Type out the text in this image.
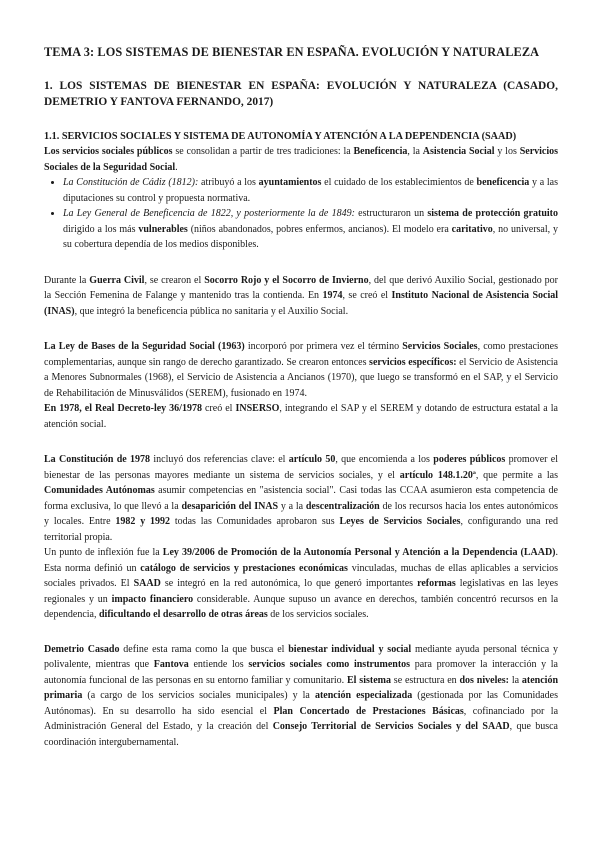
TEMA 3: LOS SISTEMAS DE BIENESTAR EN ESPAÑA. EVOLUCIÓN Y NATURALEZA
1. LOS SISTEMAS DE BIENESTAR EN ESPAÑA: EVOLUCIÓN Y NATURALEZA (CASADO, DEMETRIO Y FANTOVA FERNANDO, 2017)
1.1. SERVICIOS SOCIALES Y SISTEMA DE AUTONOMÍA Y ATENCIÓN A LA DEPENDENCIA (SAAD)

Los servicios sociales públicos se consolidan a partir de tres tradiciones: la Beneficencia, la Asistencia Social y los Servicios Sociales de la Seguridad Social.

• La Constitución de Cádiz (1812): atribuyó a los ayuntamientos el cuidado de los establecimientos de beneficencia y a las diputaciones su control y propuesta normativa.
• La Ley General de Beneficencia de 1822, y posteriormente la de 1849: estructuraron un sistema de protección gratuito dirigido a los más vulnerables (niños abandonados, pobres enfermos, ancianos). El modelo era caritativo, no universal, y su cobertura dependía de los medios disponibles.

Durante la Guerra Civil, se crearon el Socorro Rojo y el Socorro de Invierno, del que derivó Auxilio Social, gestionado por la Sección Femenina de Falange y mantenido tras la contienda. En 1974, se creó el Instituto Nacional de Asistencia Social (INAS), que integró la beneficencia pública no sanitaria y el Auxilio Social.

La Ley de Bases de la Seguridad Social (1963) incorporó por primera vez el término Servicios Sociales, como prestaciones complementarias, aunque sin rango de derecho garantizado. Se crearon entonces servicios específicos: el Servicio de Asistencia a Menores Subnormales (1968), el Servicio de Asistencia a Ancianos (1970), que luego se transformó en el SAP, y el Servicio de Rehabilitación de Minusválidos (SEREM), fusionado en 1974.

En 1978, el Real Decreto-ley 36/1978 creó el INSERSO, integrando el SAP y el SEREM y dotando de estructura estatal a la atención social.

La Constitución de 1978 incluyó dos referencias clave: el artículo 50, que encomienda a los poderes públicos promover el bienestar de las personas mayores mediante un sistema de servicios sociales, y el artículo 148.1.20ª, que permite a las Comunidades Autónomas asumir competencias en "asistencia social". Casi todas las CCAA asumieron esta competencia de forma exclusiva, lo que llevó a la desaparición del INAS y a la descentralización de los recursos hacia los entes autonómicos y locales. Entre 1982 y 1992 todas las Comunidades aprobaron sus Leyes de Servicios Sociales, configurando una red territorial propia.

Un punto de inflexión fue la Ley 39/2006 de Promoción de la Autonomía Personal y Atención a la Dependencia (LAAD). Esta norma definió un catálogo de servicios y prestaciones económicas vinculadas, muchas de ellas aplicables a servicios sociales privados. El SAAD se integró en la red autonómica, lo que generó importantes reformas legislativas en las leyes regionales y un impacto financiero considerable. Aunque supuso un avance en derechos, también concentró recursos en la dependencia, dificultando el desarrollo de otras áreas de los servicios sociales.

Demetrio Casado define esta rama como la que busca el bienestar individual y social mediante ayuda personal técnica y polivalente, mientras que Fantova entiende los servicios sociales como instrumentos para promover la interacción y la autonomía funcional de las personas en su entorno familiar y comunitario. El sistema se estructura en dos niveles: la atención primaria (a cargo de los servicios sociales municipales) y la atención especializada (gestionada por las Comunidades Autónomas). En su desarrollo ha sido esencial el Plan Concertado de Prestaciones Básicas, cofinanciado por la Administración General del Estado, y la creación del Consejo Territorial de Servicios Sociales y del SAAD, que busca coordinación intergubernamental.
